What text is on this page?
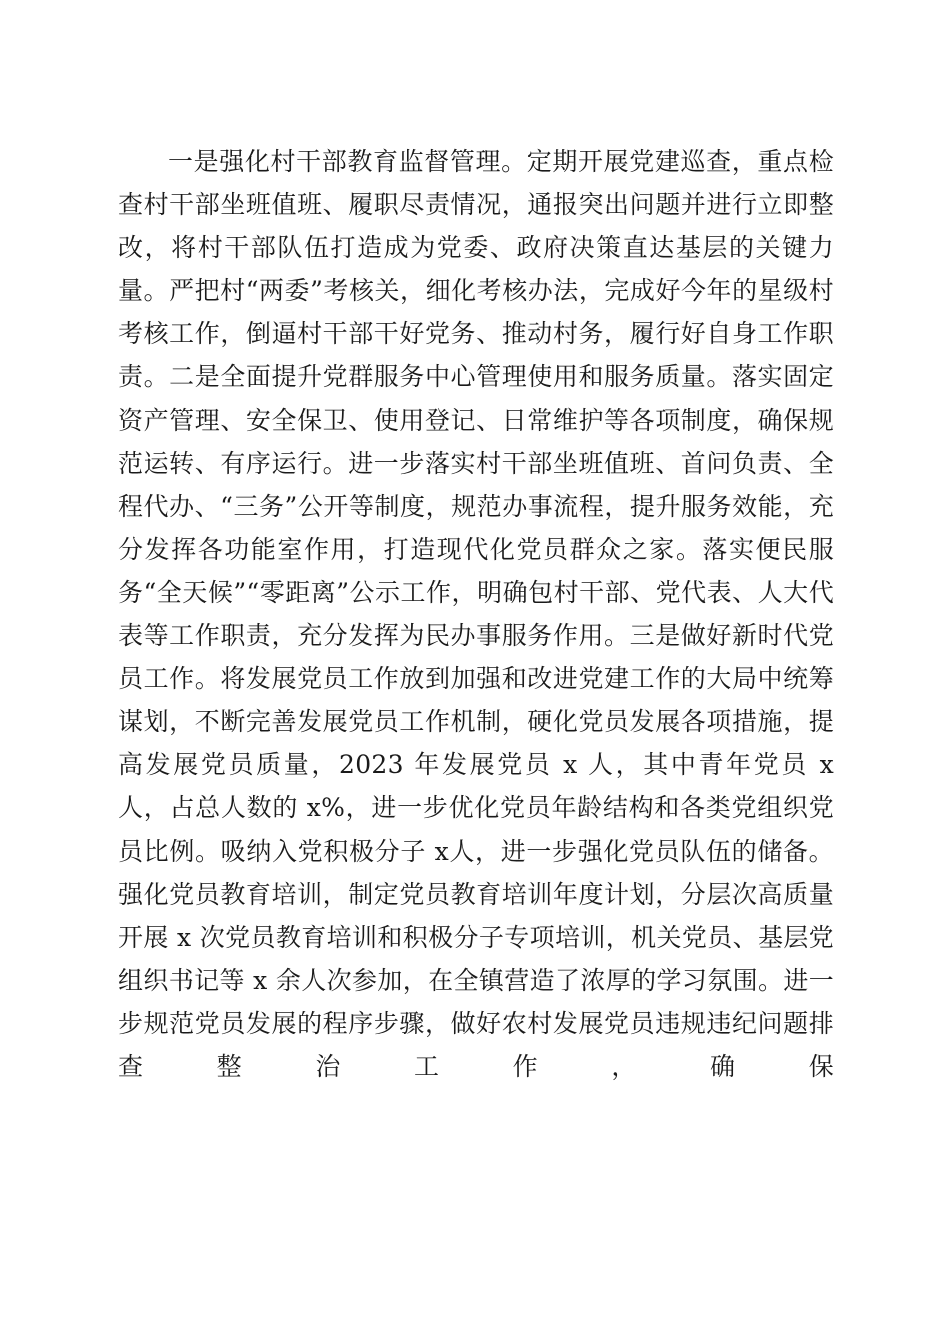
一是强化村干部教育监督管理。定期开展党建巡查，重点检查村干部坐班值班、履职尽责情况，通报突出问题并进行立即整改，将村干部队伍打造成为党委、政府决策直达基层的关键力量。严把村“两委”考核关，细化考核办法，完成好今年的星级村考核工作，倒逼村干部干好党务、推动村务，履行好自身工作职责。二是全面提升党群服务中心管理使用和服务质量。落实固定资产管理、安全保卫、使用登记、日常维护等各项制度，确保规范运转、有序运行。进一步落实村干部坐班值班、首问负责、全程代办、“三务”公开等制度，规范办事流程，提升服务效能，充分发挥各功能室作用，打造现代化党员群众之家。落实便民服务“全天候”“零距离”公示工作，明确包村干部、党代表、人大代表等工作职责，充分发挥为民办事服务作用。三是做好新时代党员工作。将发展党员工作放到加强和改进党建工作的大局中统筹谋划，不断完善发展党员工作机制，硬化党员发展各项措施，提高发展党员质量，2023 年发展党员 x 人，其中青年党员 x 人，占总人数的 x%，进一步优化党员年龄结构和各类党组织党员比例。吸纳入党积极分子 x人，进一步强化党员队伍的储备。强化党员教育培训，制定党员教育培训年度计划，分层次高质量开展 x 次党员教育培训和积极分子专项培训，机关党员、基层党组织书记等 x 余人次参加，在全镇营造了浓厚的学习氛围。进一步规范党员发展的程序步骤，做好农村发展党员违规违纪问题排查整治工作，确保
